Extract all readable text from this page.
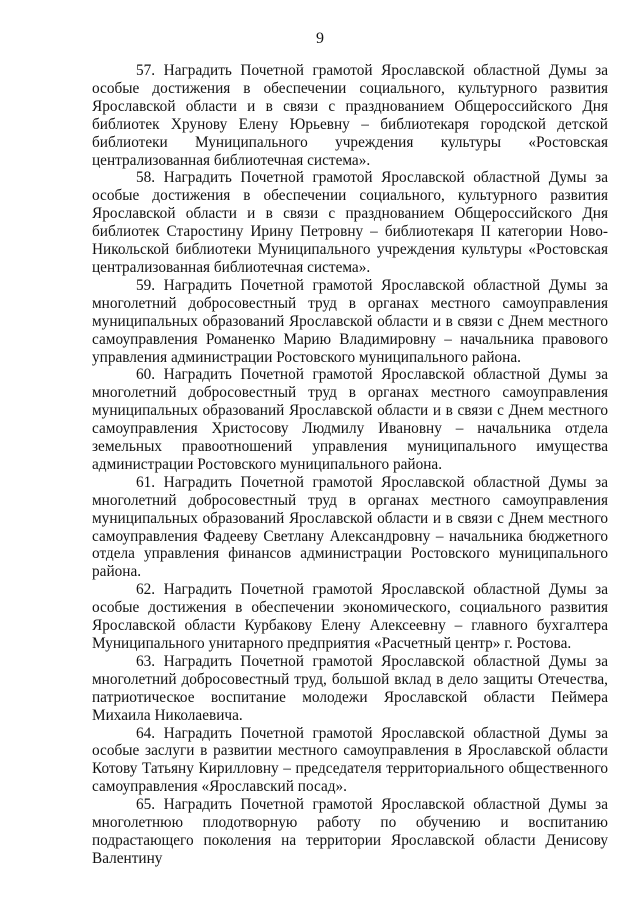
9

57. Наградить Почетной грамотой Ярославской областной Думы за особые достижения в обеспечении социального, культурного развития Ярославской области и в связи с празднованием Общероссийского Дня библиотек Хрунову Елену Юрьевну – библиотекаря городской детской библиотеки Муниципального учреждения культуры «Ростовская централизованная библиотечная система».

58. Наградить Почетной грамотой Ярославской областной Думы за особые достижения в обеспечении социального, культурного развития Ярославской области и в связи с празднованием Общероссийского Дня библиотек Старостину Ирину Петровну – библиотекаря II категории Ново-Никольской библиотеки Муниципального учреждения культуры «Ростовская централизованная библиотечная система».

59. Наградить Почетной грамотой Ярославской областной Думы за многолетний добросовестный труд в органах местного самоуправления муниципальных образований Ярославской области и в связи с Днем местного самоуправления Романенко Марию Владимировну – начальника правового управления администрации Ростовского муниципального района.

60. Наградить Почетной грамотой Ярославской областной Думы за многолетний добросовестный труд в органах местного самоуправления муниципальных образований Ярославской области и в связи с Днем местного самоуправления Христосову Людмилу Ивановну – начальника отдела земельных правоотношений управления муниципального имущества администрации Ростовского муниципального района.

61. Наградить Почетной грамотой Ярославской областной Думы за многолетний добросовестный труд в органах местного самоуправления муниципальных образований Ярославской области и в связи с Днем местного самоуправления Фадееву Светлану Александровну – начальника бюджетного отдела управления финансов администрации Ростовского муниципального района.

62. Наградить Почетной грамотой Ярославской областной Думы за особые достижения в обеспечении экономического, социального развития Ярославской области Курбакову Елену Алексеевну – главного бухгалтера Муниципального унитарного предприятия «Расчетный центр» г. Ростова.

63. Наградить Почетной грамотой Ярославской областной Думы за многолетний добросовестный труд, большой вклад в дело защиты Отечества, патриотическое воспитание молодежи Ярославской области Пеймера Михаила Николаевича.

64. Наградить Почетной грамотой Ярославской областной Думы за особые заслуги в развитии местного самоуправления в Ярославской области Котову Татьяну Кирилловну – председателя территориального общественного самоуправления «Ярославский посад».

65. Наградить Почетной грамотой Ярославской областной Думы за многолетнюю плодотворную работу по обучению и воспитанию подрастающего поколения на территории Ярославской области Денисову Валентину
